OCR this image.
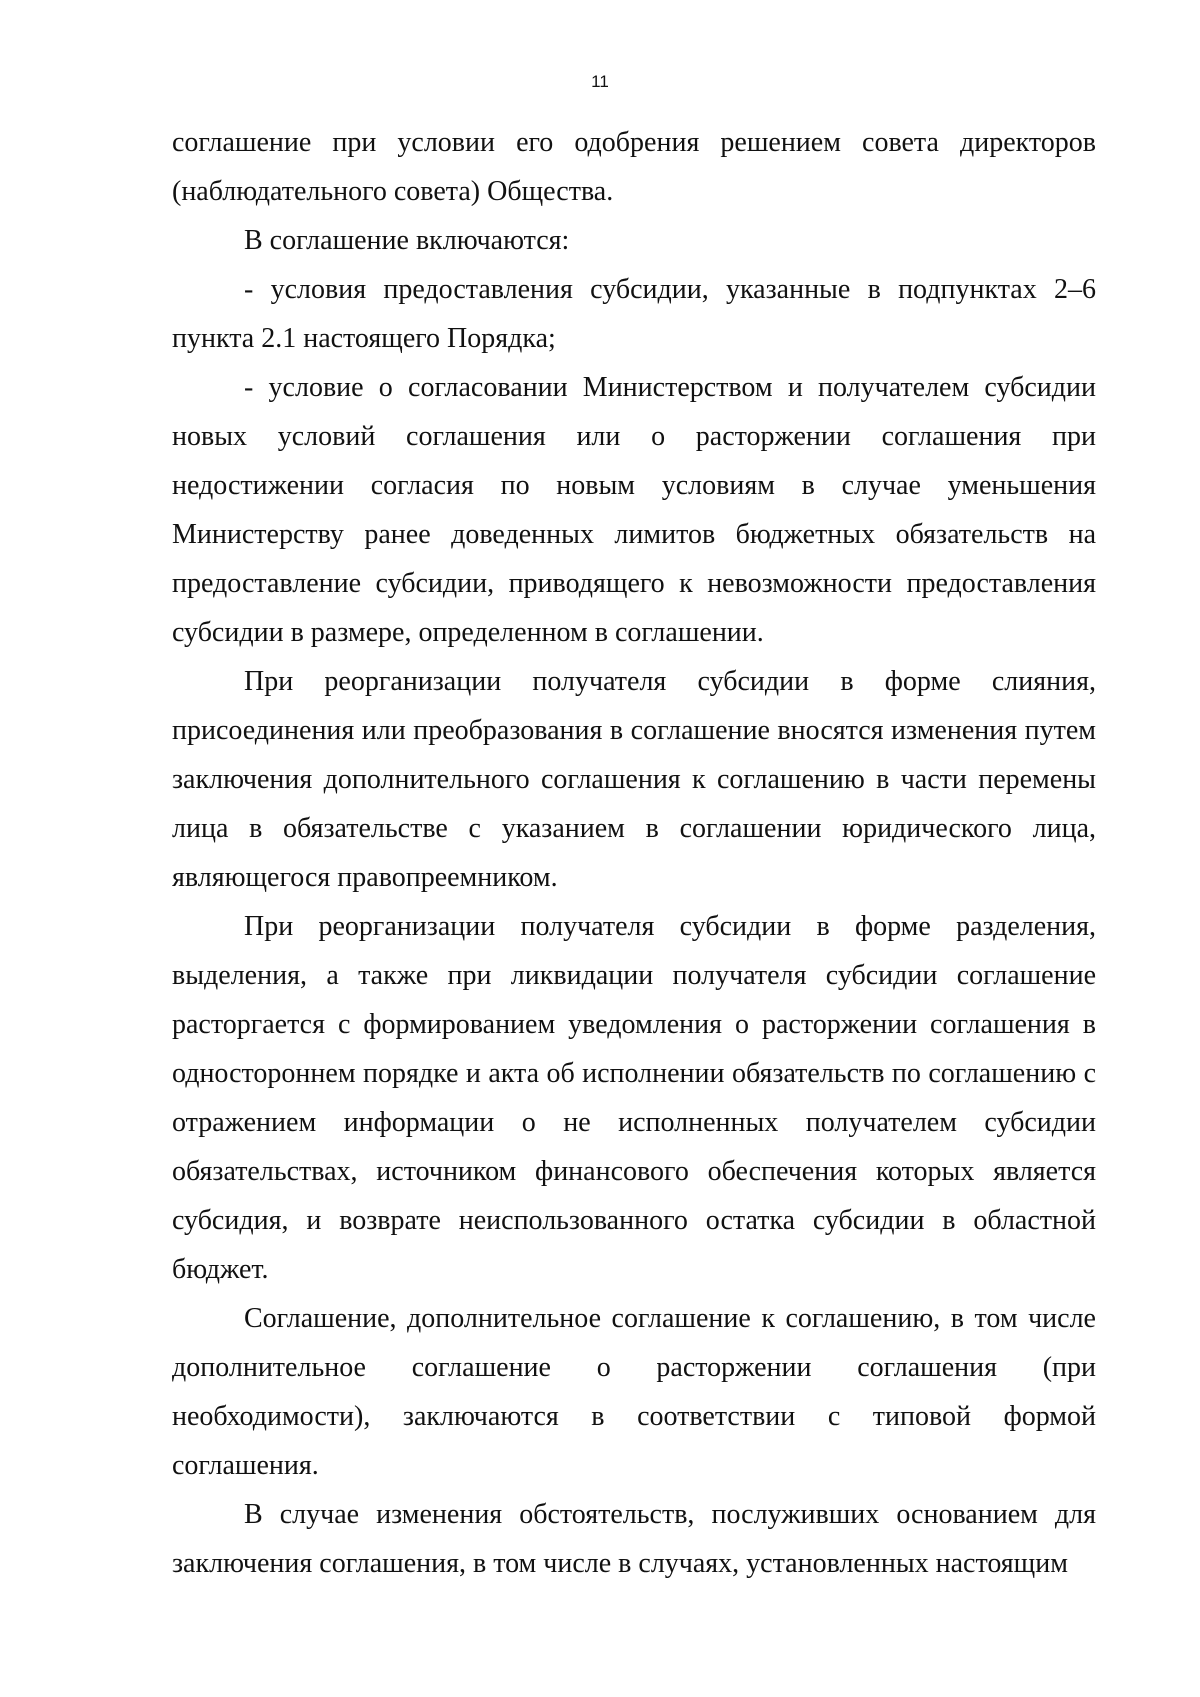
11

соглашение при условии его одобрения решением совета директоров (наблюдательного совета) Общества.

В соглашение включаются:

- условия предоставления субсидии, указанные в подпунктах 2–6 пункта 2.1 настоящего Порядка;

- условие о согласовании Министерством и получателем субсидии новых условий соглашения или о расторжении соглашения при недостижении согласия по новым условиям в случае уменьшения Министерству ранее доведенных лимитов бюджетных обязательств на предоставление субсидии, приводящего к невозможности предоставления субсидии в размере, определенном в соглашении.

При реорганизации получателя субсидии в форме слияния, присоединения или преобразования в соглашение вносятся изменения путем заключения дополнительного соглашения к соглашению в части перемены лица в обязательстве с указанием в соглашении юридического лица, являющегося правопреемником.

При реорганизации получателя субсидии в форме разделения, выделения, а также при ликвидации получателя субсидии соглашение расторгается с формированием уведомления о расторжении соглашения в одностороннем порядке и акта об исполнении обязательств по соглашению с отражением информации о не исполненных получателем субсидии обязательствах, источником финансового обеспечения которых является субсидия, и возврате неиспользованного остатка субсидии в областной бюджет.

Соглашение, дополнительное соглашение к соглашению, в том числе дополнительное соглашение о расторжении соглашения (при необходимости), заключаются в соответствии с типовой формой соглашения.

В случае изменения обстоятельств, послуживших основанием для заключения соглашения, в том числе в случаях, установленных настоящим
